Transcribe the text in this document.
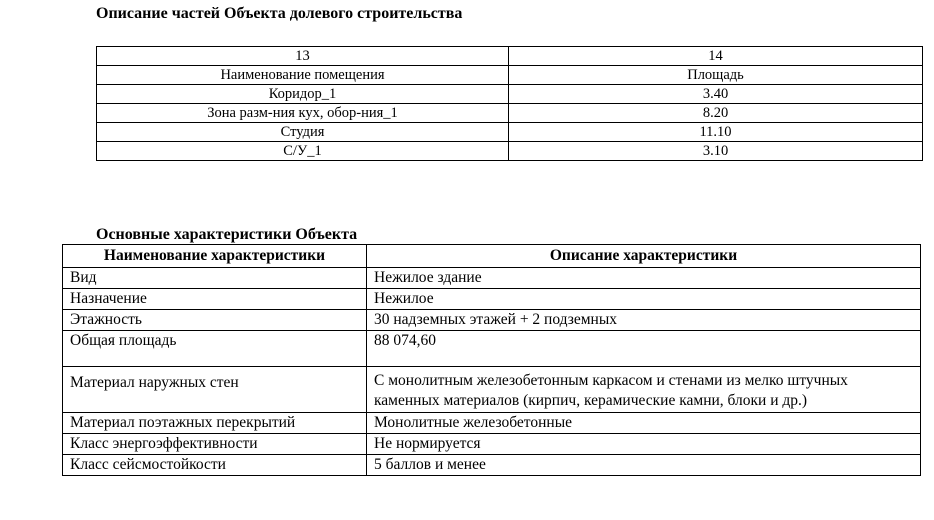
Описание частей Объекта долевого строительства
13	14
Наименование помещения	Площадь
Коридор_1	3.40
Зона разм-ния кух, обор-ния_1	8.20
Студия	11.10
С/У_1	3.10
Основные характеристики Объекта
Наименование характеристики	Описание характеристики
Вид	Нежилое здание
Назначение	Нежилое
Этажность	30 надземных этажей + 2 подземных
Общая площадь	88 074,60
Материал наружных стен	С монолитным железобетонным каркасом и стенами из мелко штучных каменных материалов (кирпич, керамические камни, блоки и др.)
Материал поэтажных перекрытий	Монолитные железобетонные
Класс энергоэффективности	Не нормируется
Класс сейсмостойкости	5 баллов и менее
